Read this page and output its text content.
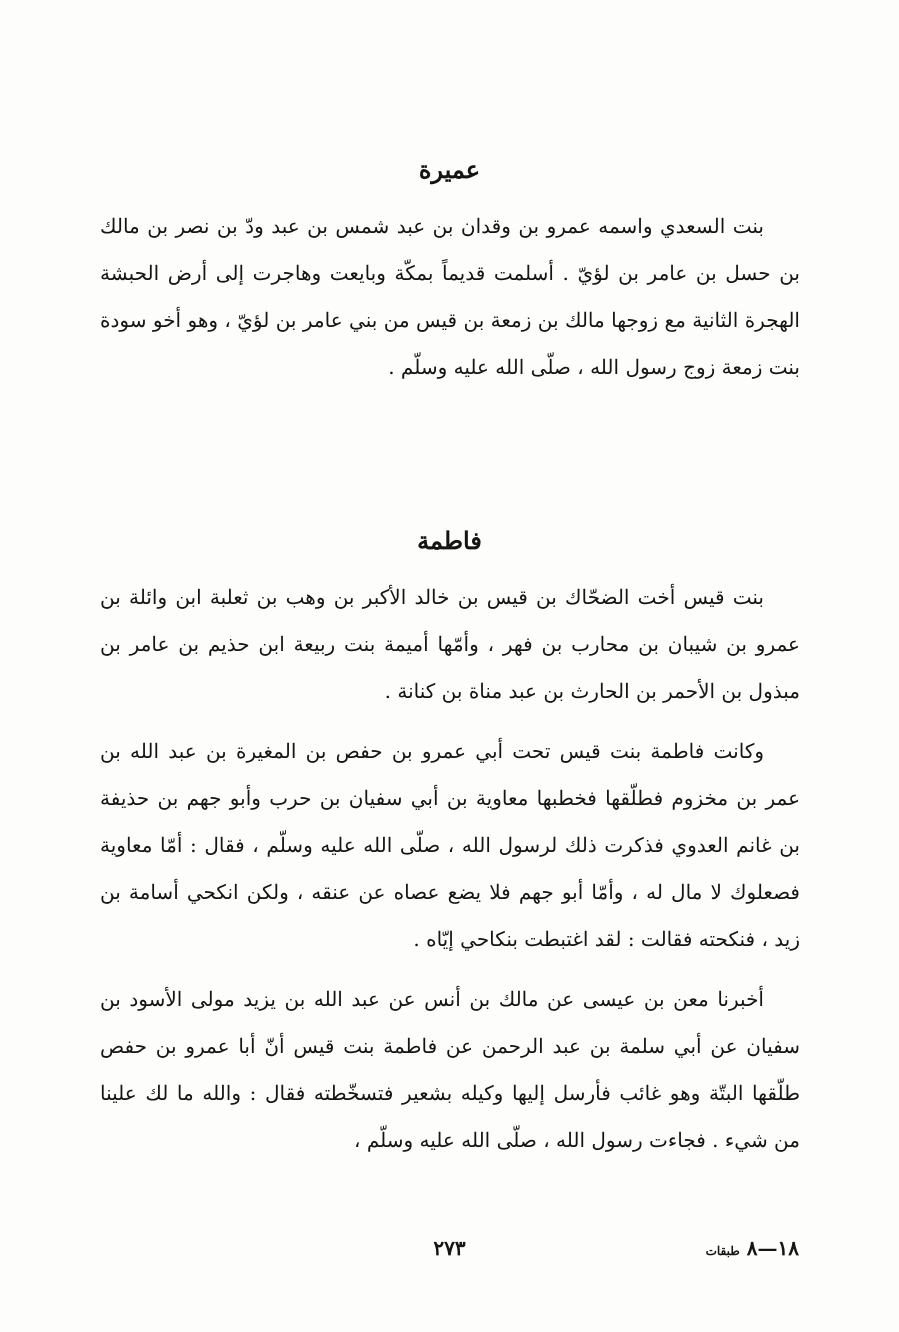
عميرة

بنت السعدي واسمه عمرو بن وقدان بن عبد شمس بن عبد ودّ بن نصر بن مالك بن حسل بن عامر بن لؤيّ . أسلمت قديماً بمكّة وبايعت وهاجرت إلى أرض الحبشة الهجرة الثانية مع زوجها مالك بن زمعة بن قيس من بني عامر بن لؤيّ ، وهو أخو سودة بنت زمعة زوج رسول الله ، صلّى الله عليه وسلّم .

فاطمة

بنت قيس أخت الضحّاك بن قيس بن خالد الأكبر بن وهب بن ثعلبة ابن وائلة بن عمرو بن شيبان بن محارب بن فهر ، وأمّها أميمة بنت ربيعة ابن حذيم بن عامر بن مبذول بن الأحمر بن الحارث بن عبد مناة بن كنانة .

وكانت فاطمة بنت قيس تحت أبي عمرو بن حفص بن المغيرة بن عبد الله بن عمر بن مخزوم فطلّقها فخطبها معاوية بن أبي سفيان بن حرب وأبو جهم بن حذيفة بن غانم العدوي فذكرت ذلك لرسول الله ، صلّى الله عليه وسلّم ، فقال : أمّا معاوية فصعلوك لا مال له ، وأمّا أبو جهم فلا يضع عصاه عن عنقه ، ولكن انكحي أسامة بن زيد ، فنكحته فقالت : لقد اغتبطت بنكاحي إيّاه .

أخبرنا معن بن عيسى عن مالك بن أنس عن عبد الله بن يزيد مولى الأسود بن سفيان عن أبي سلمة بن عبد الرحمن عن فاطمة بنت قيس أنّ أبا عمرو بن حفص طلّقها البتّة وهو غائب فأرسل إليها وكيله بشعير فتسخّطته فقال : والله ما لك علينا من شيء . فجاءت رسول الله ، صلّى الله عليه وسلّم ،

٢٧٣	١٨—٨ طبقات
